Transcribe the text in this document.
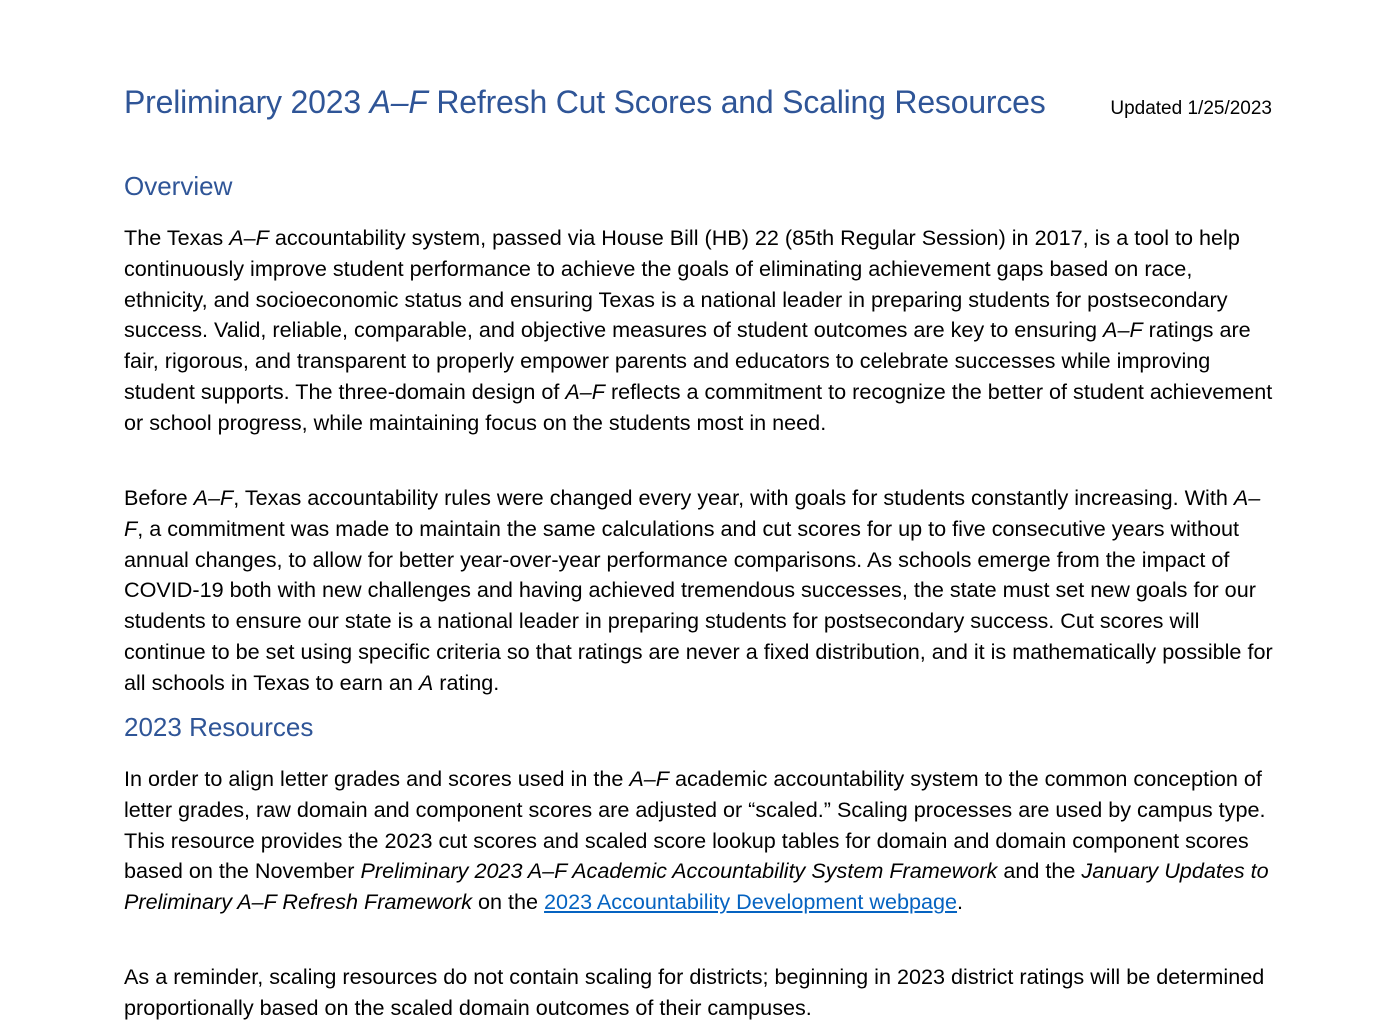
Preliminary 2023 A–F Refresh Cut Scores and Scaling Resources	Updated 1/25/2023
Overview

The Texas A–F accountability system, passed via House Bill (HB) 22 (85th Regular Session) in 2017, is a tool to help continuously improve student performance to achieve the goals of eliminating achievement gaps based on race, ethnicity, and socioeconomic status and ensuring Texas is a national leader in preparing students for postsecondary success. Valid, reliable, comparable, and objective measures of student outcomes are key to ensuring A–F ratings are fair, rigorous, and transparent to properly empower parents and educators to celebrate successes while improving student supports. The three-domain design of A–F reflects a commitment to recognize the better of student achievement or school progress, while maintaining focus on the students most in need.

Before A–F, Texas accountability rules were changed every year, with goals for students constantly increasing. With A–F, a commitment was made to maintain the same calculations and cut scores for up to five consecutive years without annual changes, to allow for better year-over-year performance comparisons. As schools emerge from the impact of COVID-19 both with new challenges and having achieved tremendous successes, the state must set new goals for our students to ensure our state is a national leader in preparing students for postsecondary success. Cut scores will continue to be set using specific criteria so that ratings are never a fixed distribution, and it is mathematically possible for all schools in Texas to earn an A rating.

2023 Resources

In order to align letter grades and scores used in the A–F academic accountability system to the common conception of letter grades, raw domain and component scores are adjusted or “scaled.” Scaling processes are used by campus type. This resource provides the 2023 cut scores and scaled score lookup tables for domain and domain component scores based on the November Preliminary 2023 A–F Academic Accountability System Framework and the January Updates to Preliminary A–F Refresh Framework on the 2023 Accountability Development webpage.

As a reminder, scaling resources do not contain scaling for districts; beginning in 2023 district ratings will be determined proportionally based on the scaled domain outcomes of their campuses.
